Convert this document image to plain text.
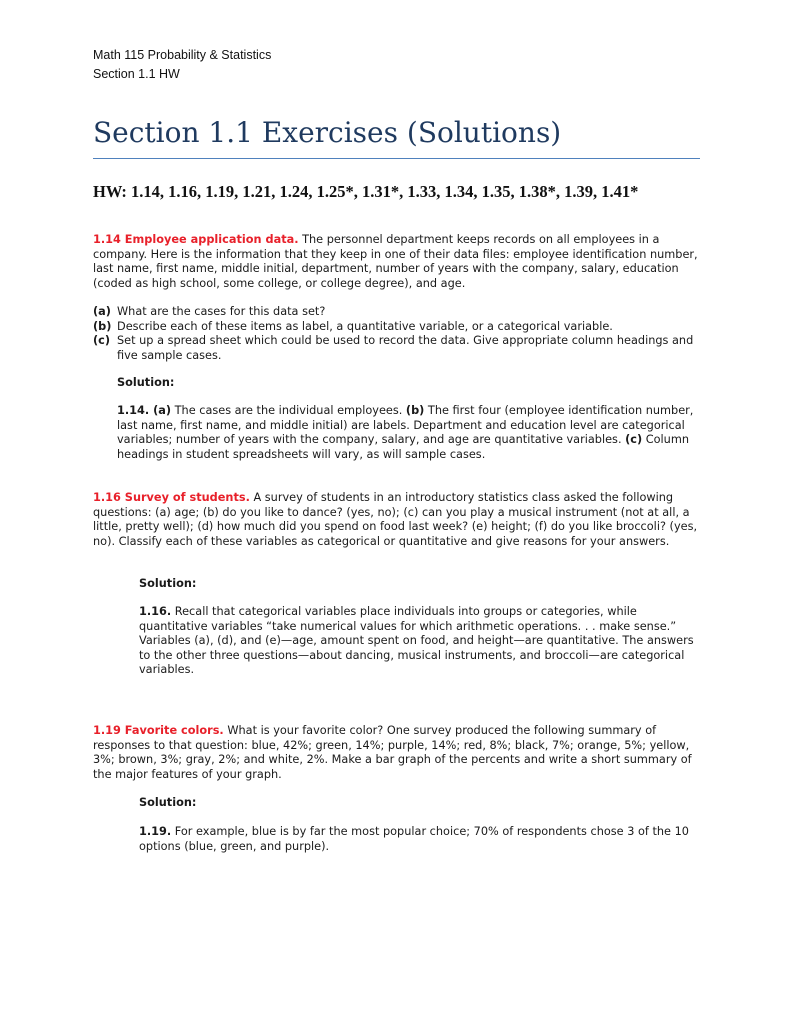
Math 115 Probability & Statistics
Section 1.1 HW
Section 1.1 Exercises (Solutions)
HW: 1.14, 1.16, 1.19, 1.21, 1.24, 1.25*, 1.31*, 1.33, 1.34, 1.35, 1.38*, 1.39, 1.41*
1.14 Employee application data. The personnel department keeps records on all employees in a company. Here is the information that they keep in one of their data files: employee identification number, last name, first name, middle initial, department, number of years with the company, salary, education (coded as high school, some college, or college degree), and age.
(a) What are the cases for this data set?
(b) Describe each of these items as label, a quantitative variable, or a categorical variable.
(c) Set up a spread sheet which could be used to record the data. Give appropriate column headings and five sample cases.
Solution:
1.14. (a) The cases are the individual employees. (b) The first four (employee identification number, last name, first name, and middle initial) are labels. Department and education level are categorical variables; number of years with the company, salary, and age are quantitative variables. (c) Column headings in student spreadsheets will vary, as will sample cases.
1.16 Survey of students. A survey of students in an introductory statistics class asked the following questions: (a) age; (b) do you like to dance? (yes, no); (c) can you play a musical instrument (not at all, a little, pretty well); (d) how much did you spend on food last week? (e) height; (f) do you like broccoli? (yes, no). Classify each of these variables as categorical or quantitative and give reasons for your answers.
Solution:
1.16. Recall that categorical variables place individuals into groups or categories, while quantitative variables “take numerical values for which arithmetic operations. . . make sense.” Variables (a), (d), and (e)—age, amount spent on food, and height—are quantitative. The answers to the other three questions—about dancing, musical instruments, and broccoli—are categorical variables.
1.19 Favorite colors. What is your favorite color? One survey produced the following summary of responses to that question: blue, 42%; green, 14%; purple, 14%; red, 8%; black, 7%; orange, 5%; yellow, 3%; brown, 3%; gray, 2%; and white, 2%. Make a bar graph of the percents and write a short summary of the major features of your graph.
Solution:
1.19. For example, blue is by far the most popular choice; 70% of respondents chose 3 of the 10 options (blue, green, and purple).
